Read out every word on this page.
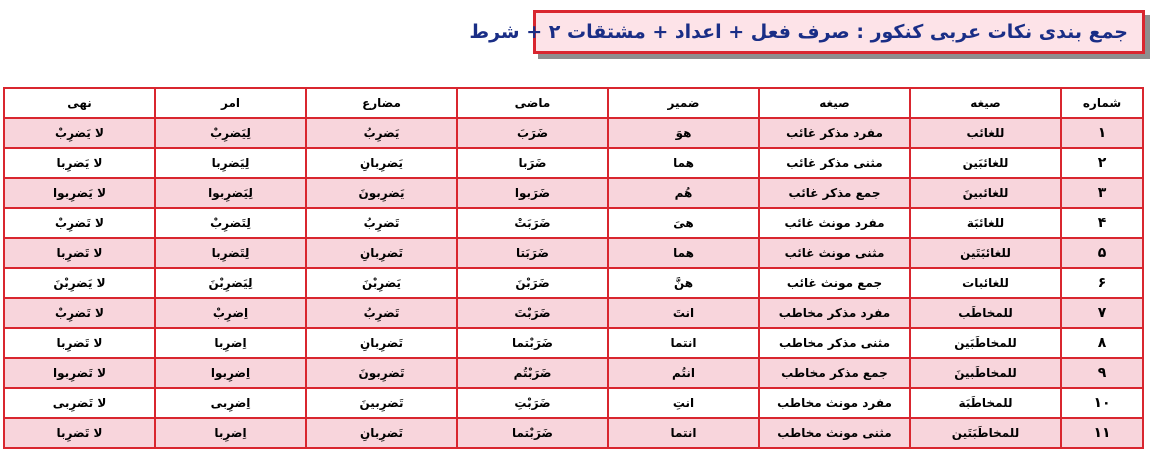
جمع بندی نکات عربی کنکور : صرف فعل + اعداد + مشتقات ۲ + شرط
شماره	صیغه	صیغه	ضمیر	ماضی	مضارع	امر	نهی
۱	للغائب	مفرد مذکر غائب	هوَ	ضَرَبَ	یَضرِبُ	لِیَضرِبْ	لا یَضرِبْ
۲	للغائبَین	مثنی مذکر غائب	هما	ضَرَبا	یَضرِبانِ	لِیَضرِبا	لا یَضرِبا
۳	للغائبینَ	جمع مذکر غائب	هُم	ضَرَبوا	یَضرِبونَ	لِیَضرِبوا	لا یَضرِبوا
۴	للغائبَة	مفرد مونث غائب	هیَ	ضَرَبَتْ	تَضرِبُ	لِتَضرِبْ	لا تَضرِبْ
۵	للغائبَتَین	مثنی مونث غائب	هما	ضَرَبَتا	تَضرِبانِ	لِتَضرِبا	لا تَضرِبا
۶	للغائبات	جمع مونث غائب	هنَّ	ضَرَبْنَ	یَضرِبْنَ	لِیَضرِبْنَ	لا یَضرِبْنَ
۷	للمخاطَب	مفرد مذکر مخاطب	انتَ	ضَرَبْتَ	تَضرِبُ	اِضرِبْ	لا تَضرِبْ
۸	للمخاطَبَین	مثنی مذکر مخاطب	انتما	ضَرَبْتما	تَضرِبانِ	اِضرِبا	لا تَضرِبا
۹	للمخاطَبینَ	جمع مذکر مخاطب	انتُم	ضَرَبْتُم	تَضرِبونَ	اِضرِبوا	لا تَضرِبوا
۱۰	للمخاطَبَة	مفرد مونث مخاطب	انتِ	ضَرَبْتِ	تَضرِبینَ	اِضرِبی	لا تَضرِبی
۱۱	للمخاطَبَتَین	مثنی مونث مخاطب	انتما	ضَرَبْتما	تَضرِبانِ	اِضرِبا	لا تَضرِبا
